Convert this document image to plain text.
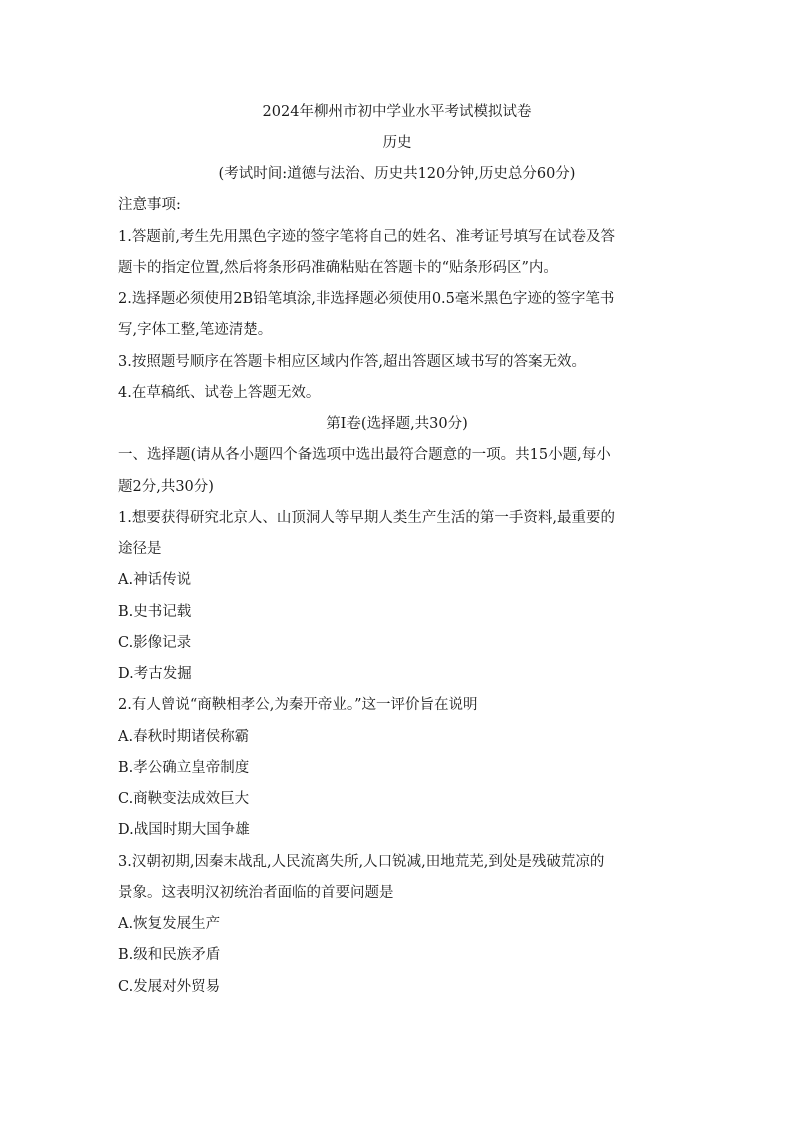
2024年柳州市初中学业水平考试模拟试卷
历史
(考试时间:道德与法治、历史共120分钟,历史总分60分)
注意事项:
1.答题前,考生先用黑色字迹的签字笔将自己的姓名、准考证号填写在试卷及答
题卡的指定位置,然后将条形码准确粘贴在答题卡的“贴条形码区”内。
2.选择题必须使用2B铅笔填涂,非选择题必须使用0.5毫米黑色字迹的签字笔书
写,字体工整,笔迹清楚。
3.按照题号顺序在答题卡相应区域内作答,超出答题区域书写的答案无效。
4.在草稿纸、试卷上答题无效。
第I卷(选择题,共30分)
一、选择题(请从各小题四个备选项中选出最符合题意的一项。共15小题,每小
题2分,共30分)
1.想要获得研究北京人、山顶洞人等早期人类生产生活的第一手资料,最重要的
途径是
A.神话传说
B.史书记载
C.影像记录
D.考古发掘
2.有人曾说“商鞅相孝公,为秦开帝业。”这一评价旨在说明
A.春秋时期诸侯称霸
B.孝公确立皇帝制度
C.商鞅变法成效巨大
D.战国时期大国争雄
3.汉朝初期,因秦末战乱,人民流离失所,人口锐减,田地荒芜,到处是残破荒凉的
景象。这表明汉初统治者面临的首要问题是
A.恢复发展生产
B.级和民族矛盾
C.发展对外贸易
